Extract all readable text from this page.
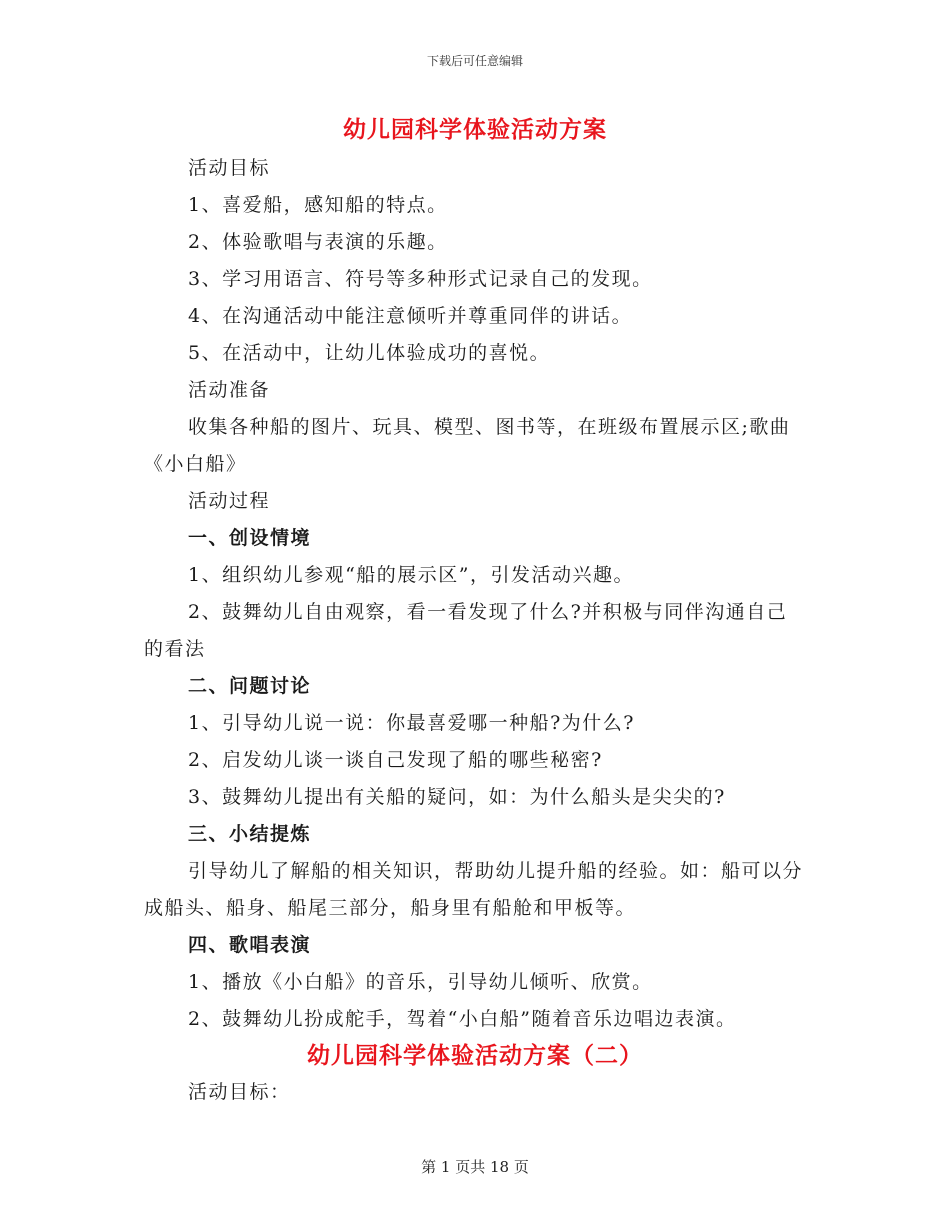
下载后可任意编辑
幼儿园科学体验活动方案

活动目标

1、喜爱船，感知船的特点。

2、体验歌唱与表演的乐趣。

3、学习用语言、符号等多种形式记录自己的发现。

4、在沟通活动中能注意倾听并尊重同伴的讲话。

5、在活动中，让幼儿体验成功的喜悦。

活动准备

收集各种船的图片、玩具、模型、图书等，在班级布置展示区;歌曲《小白船》

活动过程

一、创设情境

1、组织幼儿参观“船的展示区”，引发活动兴趣。

2、鼓舞幼儿自由观察，看一看发现了什么?并积极与同伴沟通自己的看法

二、问题讨论

1、引导幼儿说一说：你最喜爱哪一种船?为什么?

2、启发幼儿谈一谈自己发现了船的哪些秘密?

3、鼓舞幼儿提出有关船的疑问，如：为什么船头是尖尖的?

三、小结提炼

引导幼儿了解船的相关知识，帮助幼儿提升船的经验。如：船可以分成船头、船身、船尾三部分，船身里有船舱和甲板等。

四、歌唱表演

1、播放《小白船》的音乐，引导幼儿倾听、欣赏。

2、鼓舞幼儿扮成舵手，驾着“小白船”随着音乐边唱边表演。

幼儿园科学体验活动方案（二）

活动目标：

第 1 页共 18 页
